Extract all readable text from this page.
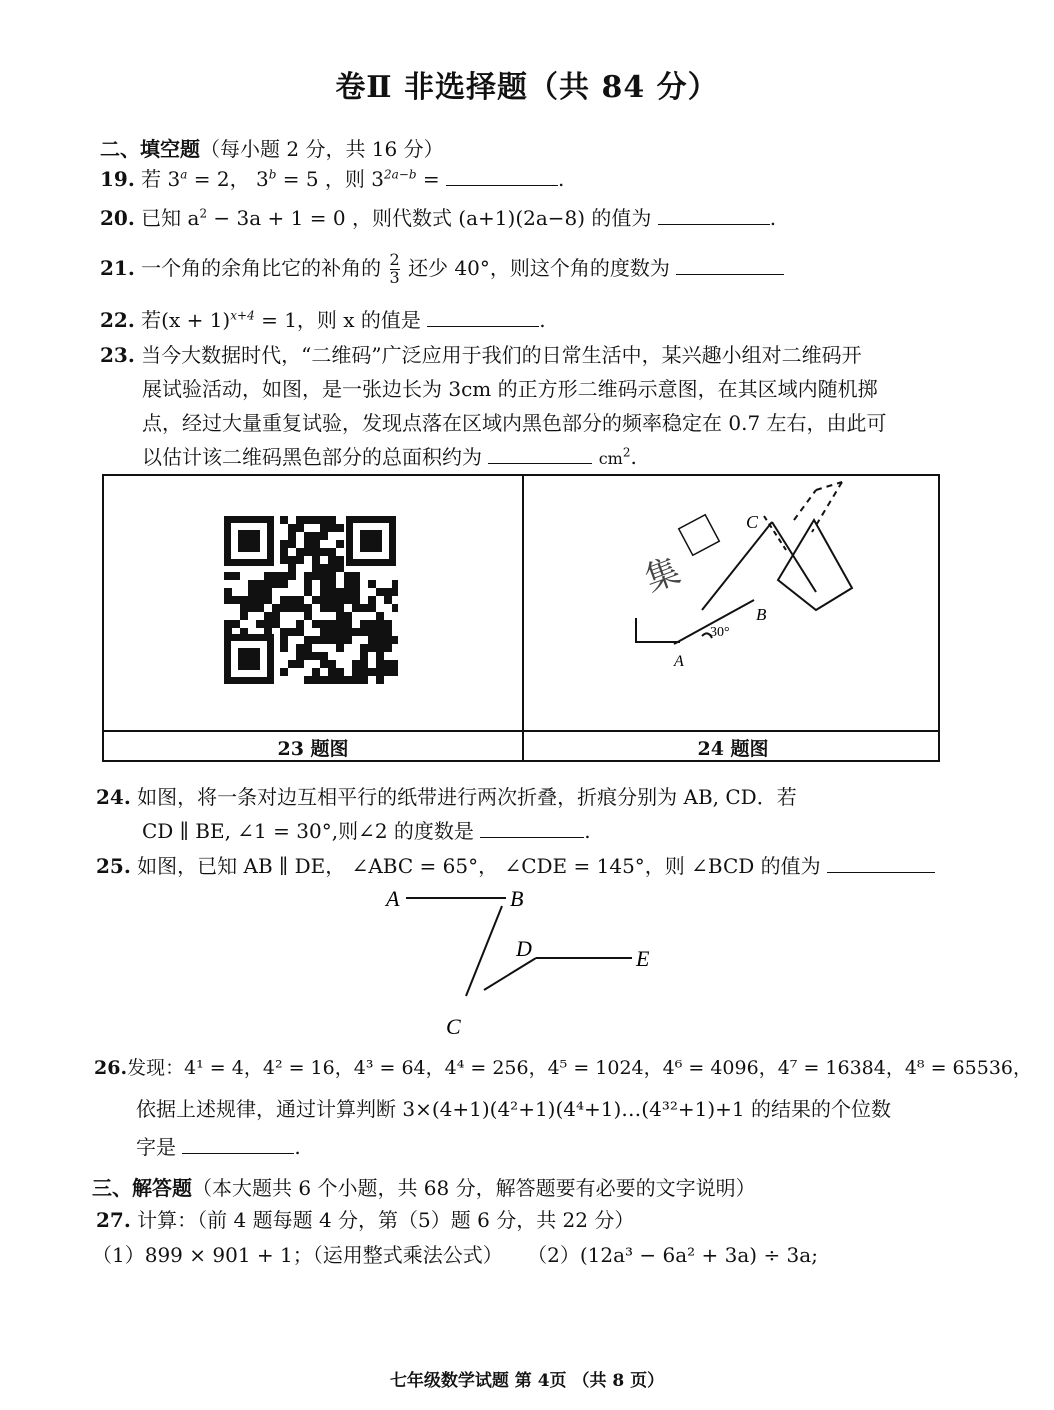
卷Ⅱ 非选择题（共 84 分）
二、填空题（每小题 2 分，共 16 分）
19. 若 $3^a = 2$， $3^b = 5$ ，则 $3^{2a-b}$ =	.
20. 已知 $a^2 - 3a + 1 = 0$ ，则代数式 (a+1)(2a−8) 的值为	.
21. 一个角的余角比它的补角的 $\frac{2}{3}$ 还少 40°，则这个角的度数为
22. 若$(x + 1)^{x+4} = 1$，则 x 的值是	.
23. 当今大数据时代，“二维码”广泛应用于我们的日常生活中，某兴趣小组对二维码开
展试验活动，如图，是一张边长为 3cm 的正方形二维码示意图，在其区域内随机掷
点，经过大量重复试验，发现点落在区域内黑色部分的频率稳定在 0.7 左右，由此可
以估计该二维码黑色部分的总面积约为	$cm^2$.
C
B
A
30°
集
23 题图	24 题图
24. 如图，将一条对边互相平行的纸带进行两次折叠，折痕分别为 AB, CD．若
CD ∥ BE, ∠1 = 30°,则∠2 的度数是	.
25. 如图，已知 AB ∥ DE， ∠ABC = 65°， ∠CDE = 145°，则 ∠BCD 的值为
A	B
D	E
C
26.发现：4¹ = 4，4² = 16，4³ = 64，4⁴ = 256，4⁵ = 1024，4⁶ = 4096，4⁷ = 16384，4⁸ = 65536，
依据上述规律，通过计算判断 3×(4+1)(4²+1)(4⁴+1)…(4³²+1)+1 的结果的个位数
字是	.
三、解答题（本大题共 6 个小题，共 68 分，解答题要有必要的文字说明）
27. 计算：（前 4 题每题 4 分，第（5）题 6 分，共 22 分）
（1）899 × 901 + 1；（运用整式乘法公式） （2）(12a³ − 6a² + 3a) ÷ 3a;
七年级数学试题 第 4页 （共 8 页）
